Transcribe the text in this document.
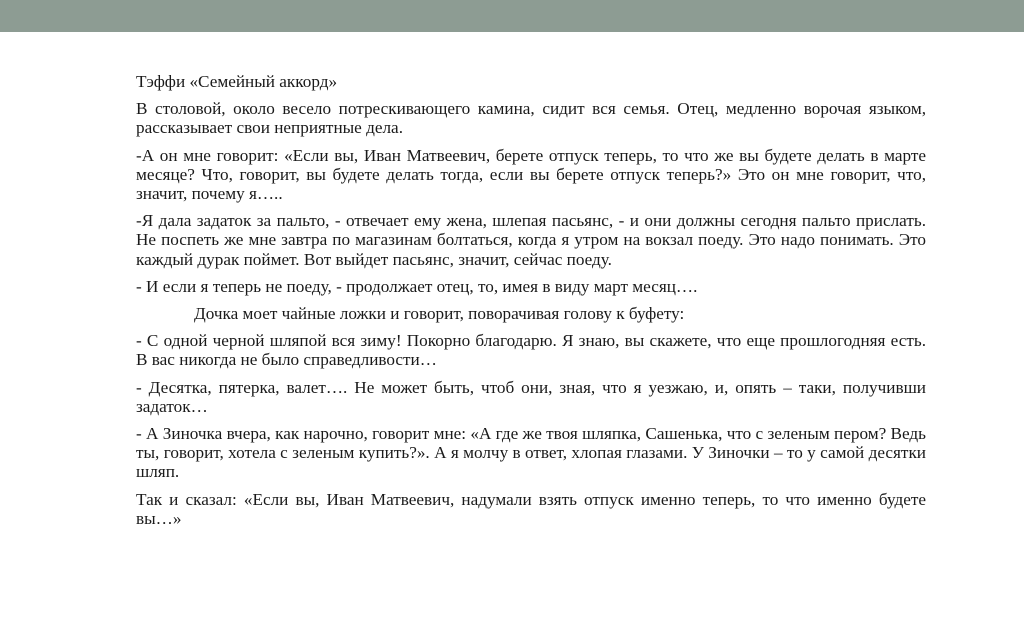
Тэффи «Семейный аккорд»
В столовой, около весело потрескивающего камина, сидит вся семья. Отец, медленно ворочая языком, рассказывает свои неприятные дела.
-А он мне говорит: «Если вы, Иван Матвеевич, берете отпуск теперь, то что же вы будете делать в марте месяце? Что, говорит, вы будете делать тогда, если вы берете отпуск теперь?» Это он мне говорит, что, значит, почему я…..
-Я дала задаток за пальто, - отвечает ему жена, шлепая пасьянс, - и они должны сегодня пальто прислать. Не поспеть же мне завтра по магазинам болтаться, когда я утром на вокзал поеду. Это надо понимать. Это каждый дурак поймет. Вот выйдет пасьянс, значит, сейчас поеду.
- И если я теперь не поеду, - продолжает отец, то, имея в виду март месяц….
Дочка моет чайные ложки и говорит, поворачивая голову к буфету:
- С одной черной шляпой вся зиму! Покорно благодарю. Я знаю, вы скажете, что еще прошлогодняя есть. В вас никогда не было справедливости…
- Десятка, пятерка, валет…. Не может быть, чтоб они, зная, что я уезжаю, и, опять – таки, получивши задаток…
- А Зиночка вчера, как нарочно, говорит мне: «А где же твоя шляпка, Сашенька, что с зеленым пером? Ведь ты, говорит, хотела с зеленым купить?». А я молчу в ответ, хлопая глазами. У Зиночки – то у самой десятки шляп.
Так и сказал: «Если вы, Иван Матвеевич, надумали взять отпуск именно теперь, то что именно будете вы…»
